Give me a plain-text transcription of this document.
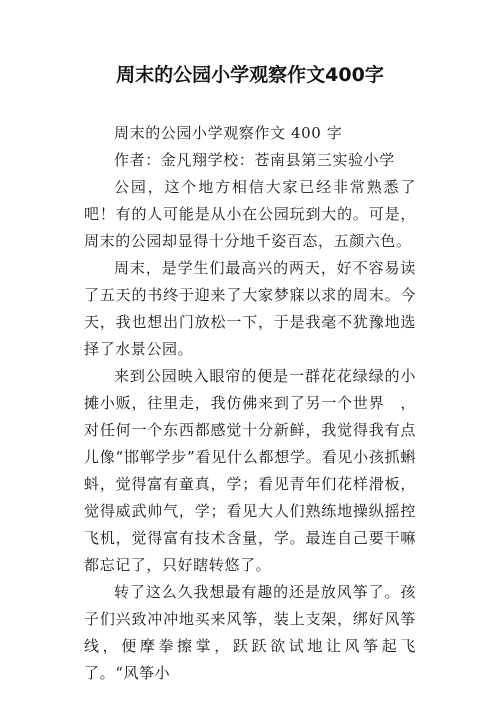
周末的公园小学观察作文400字

周末的公园小学观察作文 400 字

作者：金凡翔学校：苍南县第三实验小学

公园，这个地方相信大家已经非常熟悉了吧！有的人可能是从小在公园玩到大的。可是，周末的公园却显得十分地千姿百态，五颜六色。

周末，是学生们最高兴的两天，好不容易读了五天的书终于迎来了大家梦寐以求的周末。今天，我也想出门放松一下，于是我毫不犹豫地选择了水景公园。

来到公园映入眼帘的便是一群花花绿绿的小摊小贩，往里走，我仿佛来到了另一个世界　，对任何一个东西都感觉十分新鲜，我觉得我有点儿像“邯郸学步”看见什么都想学。看见小孩抓蝌蚪，觉得富有童真，学；看见青年们花样滑板，觉得威武帅气，学；看见大人们熟练地操纵摇控飞机，觉得富有技术含量，学。最连自己要干嘛都忘记了，只好瞎转悠了。

转了这么久我想最有趣的还是放风筝了。孩子们兴致冲冲地买来风筝，装上支架，绑好风筝线，便摩拳擦掌，跃跃欲试地让风筝起飞了。“风筝小
